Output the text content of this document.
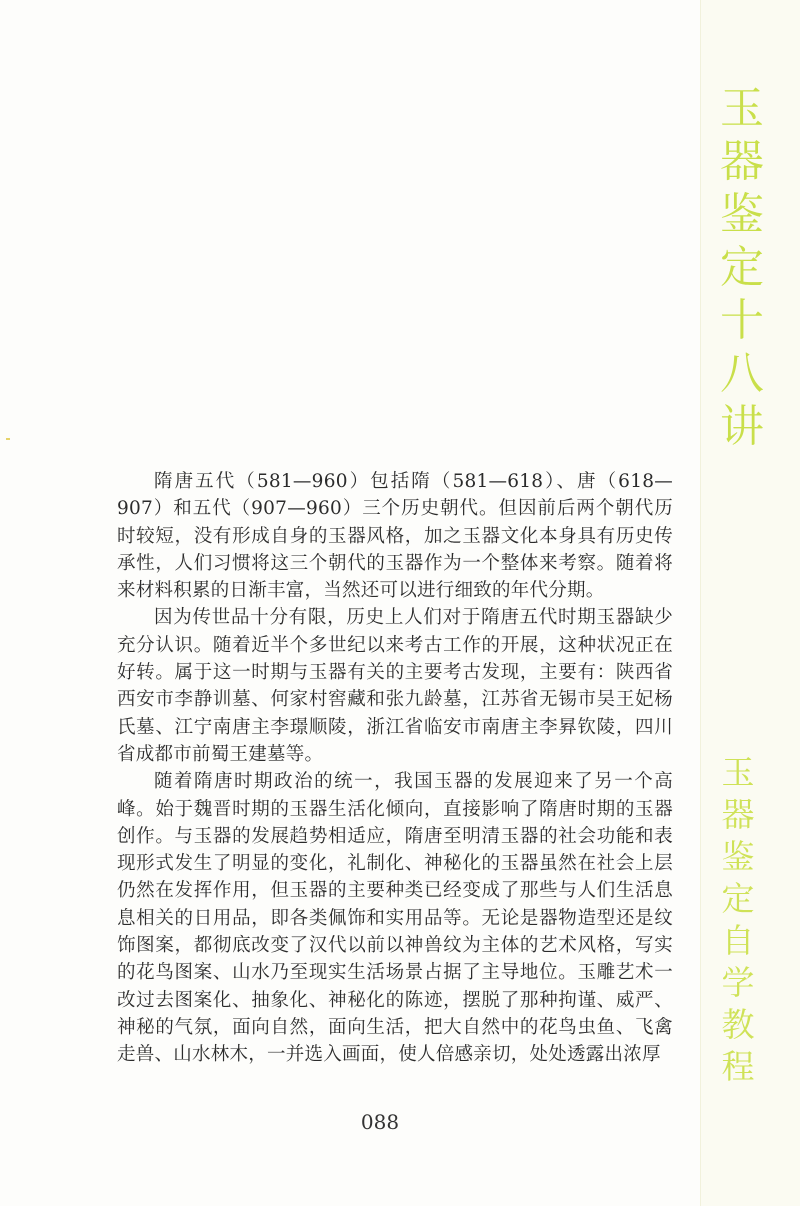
玉
器
鉴
定
十
八
讲
玉
器
鉴
定
自
学
教
程

隋唐五代（581—960）包括隋（581—618）、唐（618—907）和五代（907—960）三个历史朝代。但因前后两个朝代历时较短，没有形成自身的玉器风格，加之玉器文化本身具有历史传承性，人们习惯将这三个朝代的玉器作为一个整体来考察。随着将来材料积累的日渐丰富，当然还可以进行细致的年代分期。

因为传世品十分有限，历史上人们对于隋唐五代时期玉器缺少充分认识。随着近半个多世纪以来考古工作的开展，这种状况正在好转。属于这一时期与玉器有关的主要考古发现，主要有：陕西省西安市李静训墓、何家村窖藏和张九龄墓，江苏省无锡市吴王妃杨氏墓、江宁南唐主李璟顺陵，浙江省临安市南唐主李昪钦陵，四川省成都市前蜀王建墓等。

随着隋唐时期政治的统一，我国玉器的发展迎来了另一个高峰。始于魏晋时期的玉器生活化倾向，直接影响了隋唐时期的玉器创作。与玉器的发展趋势相适应，隋唐至明清玉器的社会功能和表现形式发生了明显的变化，礼制化、神秘化的玉器虽然在社会上层仍然在发挥作用，但玉器的主要种类已经变成了那些与人们生活息息相关的日用品，即各类佩饰和实用品等。无论是器物造型还是纹饰图案，都彻底改变了汉代以前以神兽纹为主体的艺术风格，写实的花鸟图案、山水乃至现实生活场景占据了主导地位。玉雕艺术一改过去图案化、抽象化、神秘化的陈迹，摆脱了那种拘谨、威严、神秘的气氛，面向自然，面向生活，把大自然中的花鸟虫鱼、飞禽走兽、山水林木，一并选入画面，使人倍感亲切，处处透露出浓厚

088
